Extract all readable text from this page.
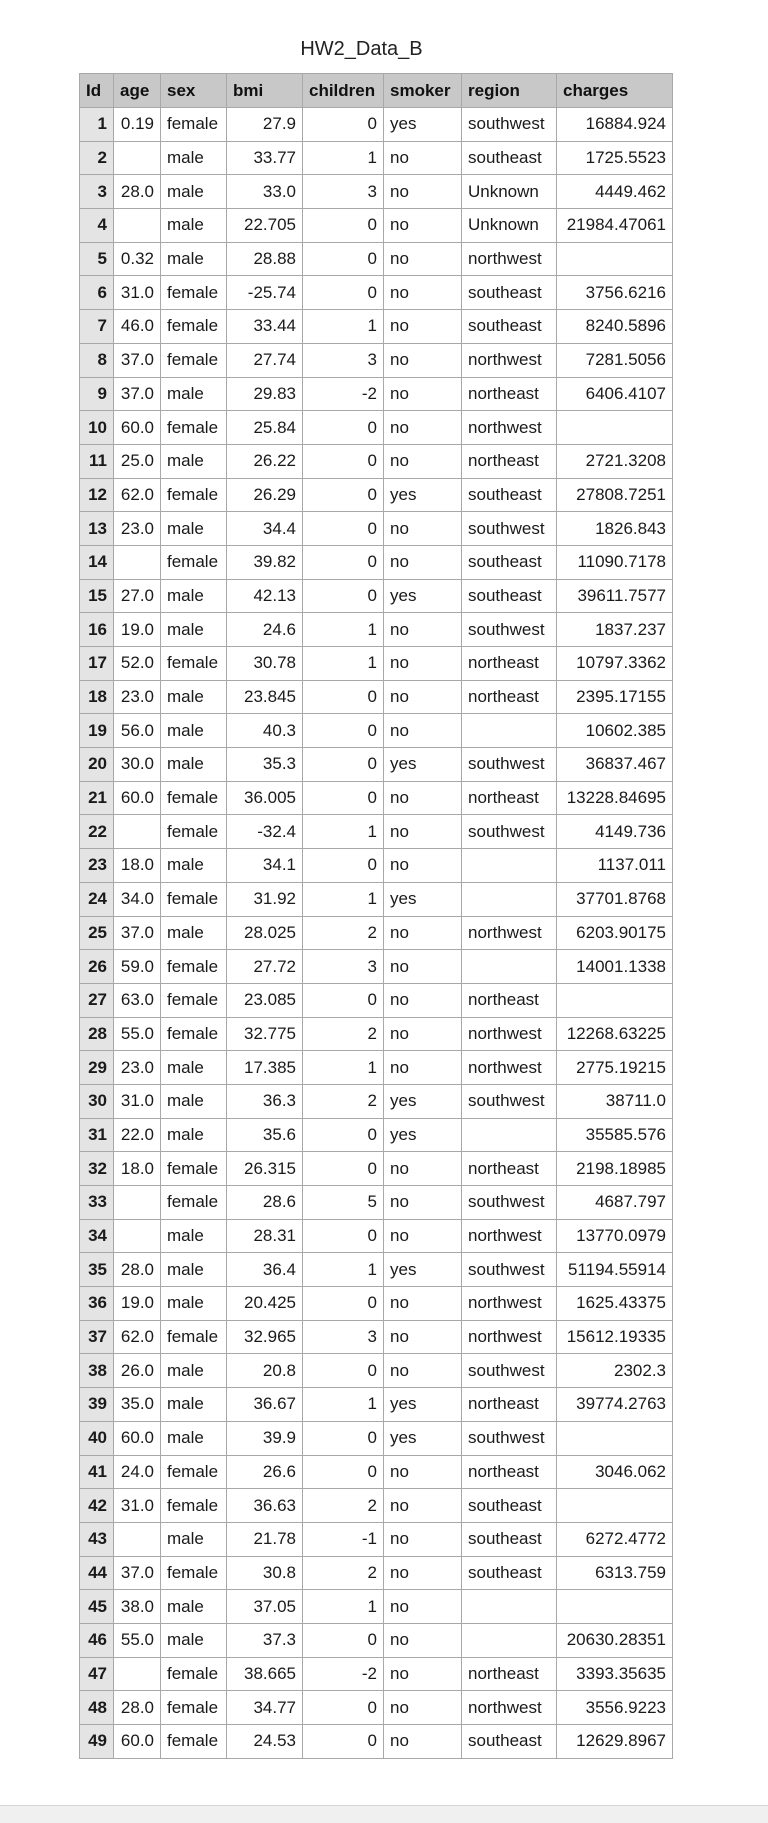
HW2_Data_B
Id	age	sex	bmi	children	smoker	region	charges
1	0.19	female	27.9	0	yes	southwest	16884.924
2		male	33.77	1	no	southeast	1725.5523
3	28.0	male	33.0	3	no	Unknown	4449.462
4		male	22.705	0	no	Unknown	21984.47061
5	0.32	male	28.88	0	no	northwest	
6	31.0	female	-25.74	0	no	southeast	3756.6216
7	46.0	female	33.44	1	no	southeast	8240.5896
8	37.0	female	27.74	3	no	northwest	7281.5056
9	37.0	male	29.83	-2	no	northeast	6406.4107
10	60.0	female	25.84	0	no	northwest	
11	25.0	male	26.22	0	no	northeast	2721.3208
12	62.0	female	26.29	0	yes	southeast	27808.7251
13	23.0	male	34.4	0	no	southwest	1826.843
14		female	39.82	0	no	southeast	11090.7178
15	27.0	male	42.13	0	yes	southeast	39611.7577
16	19.0	male	24.6	1	no	southwest	1837.237
17	52.0	female	30.78	1	no	northeast	10797.3362
18	23.0	male	23.845	0	no	northeast	2395.17155
19	56.0	male	40.3	0	no		10602.385
20	30.0	male	35.3	0	yes	southwest	36837.467
21	60.0	female	36.005	0	no	northeast	13228.84695
22		female	-32.4	1	no	southwest	4149.736
23	18.0	male	34.1	0	no		1137.011
24	34.0	female	31.92	1	yes		37701.8768
25	37.0	male	28.025	2	no	northwest	6203.90175
26	59.0	female	27.72	3	no		14001.1338
27	63.0	female	23.085	0	no	northeast	
28	55.0	female	32.775	2	no	northwest	12268.63225
29	23.0	male	17.385	1	no	northwest	2775.19215
30	31.0	male	36.3	2	yes	southwest	38711.0
31	22.0	male	35.6	0	yes		35585.576
32	18.0	female	26.315	0	no	northeast	2198.18985
33		female	28.6	5	no	southwest	4687.797
34		male	28.31	0	no	northwest	13770.0979
35	28.0	male	36.4	1	yes	southwest	51194.55914
36	19.0	male	20.425	0	no	northwest	1625.43375
37	62.0	female	32.965	3	no	northwest	15612.19335
38	26.0	male	20.8	0	no	southwest	2302.3
39	35.0	male	36.67	1	yes	northeast	39774.2763
40	60.0	male	39.9	0	yes	southwest	
41	24.0	female	26.6	0	no	northeast	3046.062
42	31.0	female	36.63	2	no	southeast	
43		male	21.78	-1	no	southeast	6272.4772
44	37.0	female	30.8	2	no	southeast	6313.759
45	38.0	male	37.05	1	no		
46	55.0	male	37.3	0	no		20630.28351
47		female	38.665	-2	no	northeast	3393.35635
48	28.0	female	34.77	0	no	northwest	3556.9223
49	60.0	female	24.53	0	no	southeast	12629.8967
